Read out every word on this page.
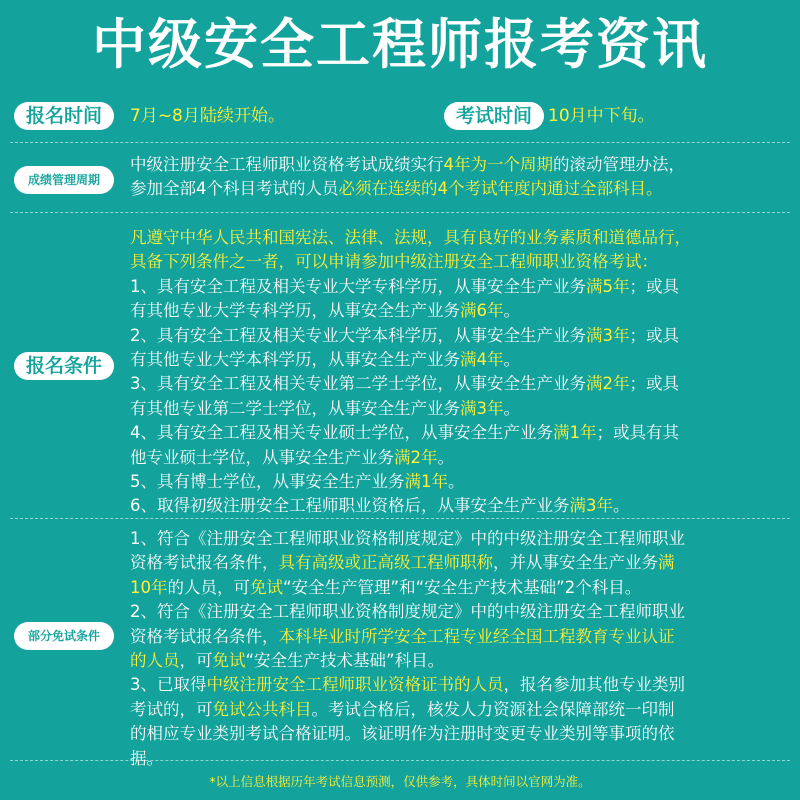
中级安全工程师报考资讯
报名时间	7月~8月陆续开始。	考试时间 10月中下旬。
成绩管理周期

中级注册安全工程师职业资格考试成绩实行4年为一个周期的滚动管理办法，

参加全部4个科目考试的人员必须在连续的4个考试年度内通过全部科目。

报名条件

凡遵守中华人民共和国宪法、法律、法规，具有良好的业务素质和道德品行，

具备下列条件之一者，可以申请参加中级注册安全工程师职业资格考试：

1、具有安全工程及相关专业大学专科学历，从事安全生产业务满5年；或具

有其他专业大学专科学历，从事安全生产业务满6年。

2、具有安全工程及相关专业大学本科学历，从事安全生产业务满3年；或具

有其他专业大学本科学历，从事安全生产业务满4年。

3、具有安全工程及相关专业第二学士学位，从事安全生产业务满2年；或具

有其他专业第二学士学位，从事安全生产业务满3年。

4、具有安全工程及相关专业硕士学位，从事安全生产业务满1年；或具有其

他专业硕士学位，从事安全生产业务满2年。

5、具有博士学位，从事安全生产业务满1年。

6、取得初级注册安全工程师职业资格后，从事安全生产业务满3年。

部分免试条件

1、符合《注册安全工程师职业资格制度规定》中的中级注册安全工程师职业

资格考试报名条件，具有高级或正高级工程师职称，并从事安全生产业务满

10年的人员，可免试“安全生产管理”和“安全生产技术基础”2个科目。

2、符合《注册安全工程师职业资格制度规定》中的中级注册安全工程师职业

资格考试报名条件，本科毕业时所学安全工程专业经全国工程教育专业认证

的人员，可免试“安全生产技术基础”科目。

3、已取得中级注册安全工程师职业资格证书的人员，报名参加其他专业类别

考试的，可免试公共科目。考试合格后，核发人力资源社会保障部统一印制

的相应专业类别考试合格证明。该证明作为注册时变更专业类别等事项的依

据。

*以上信息根据历年考试信息预测，仅供参考，具体时间以官网为准。
